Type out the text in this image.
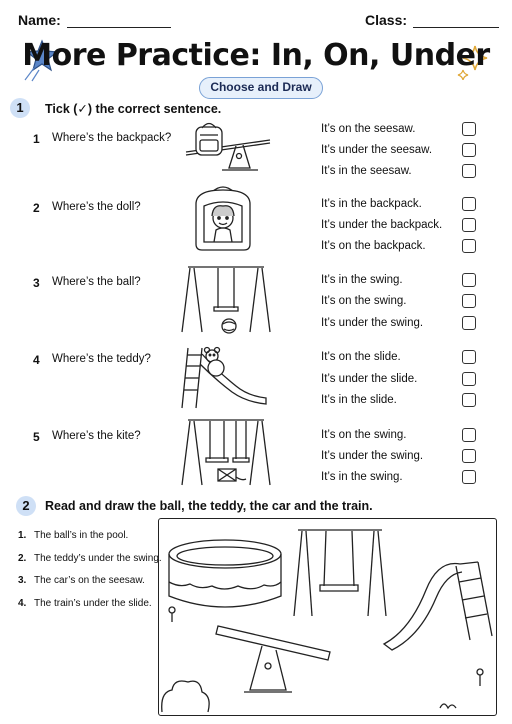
Name:	Class:
More Practice: In, On, Under
Choose and Draw
1	Tick (✓) the correct sentence.
1 Where’s the backpack?
It’s on the seesaw.
It’s under the seesaw.
It’s in the seesaw.
2 Where’s the doll?	It’s in the backpack.
It’s under the backpack.
It’s on the backpack.
3 Where’s the ball?	It’s in the swing.
It’s on the swing.
It’s under the swing.
4 Where’s the teddy?	It’s on the slide.
It’s under the slide.
It’s in the slide.
5 Where’s the kite?	It’s on the swing.
It’s under the swing.
It’s in the swing.
2	Read and draw the ball, the teddy, the car and the train.
1. The ball’s in the pool.
2. The teddy’s under the swing.
3. The car’s on the seesaw.
4. The train’s under the slide.
